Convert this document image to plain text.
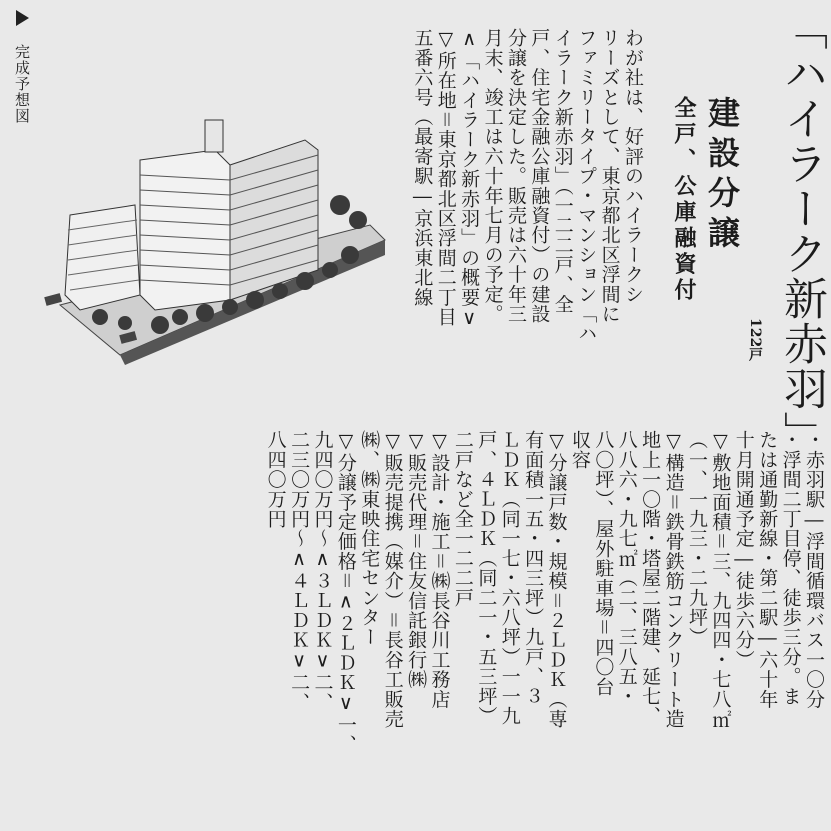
完成予想図	「ハイラーク新赤羽」
122戸
建設分譲
全戸、公庫融資付
わが社は、好評のハイラークシ
リーズとして、東京都北区浮間に
ファミリータイプ・マンション「ハ
イラーク新赤羽」（一二二戸、全
戸、住宅金融公庫融資付）の建設
分譲を決定した。販売は六十年三
月末、竣工は六十年七月の予定。
∧「ハイラーク新赤羽」の概要∨
▽所在地＝東京都北区浮間二丁目
五番六号（最寄駅―京浜東北線
・赤羽駅―浮間循環バス一〇分
・浮間二丁目停、徒歩三分。ま
たは通勤新線・第二駅―六十年
十月開通予定―徒歩六分）
▽敷地面積＝三、九四四・七八㎡
（一、一九三・二九坪）
▽構造＝鉄骨鉄筋コンクリート造
地上一〇階・塔屋二階建、延七、
八八六・九七㎡（二、三八五・
八〇坪）、屋外駐車場＝四〇台
収容
▽分譲戸数・規模＝２ＬＤＫ（専
有面積一五・四三坪）九戸、３
ＬＤＫ（同一七・六八坪）一一九
戸、４ＬＤＫ（同二一・五三坪）
二戸など全一二二戸
▽設計・施工＝㈱長谷川工務店
▽販売代理＝住友信託銀行㈱
▽販売提携（媒介）＝長谷工販売
㈱、㈱東映住宅センター
▽分譲予定価格＝∧２ＬＤＫ∨一、
九四〇万円～∧３ＬＤＫ∨二、
二三〇万円～∧４ＬＤＫ∨二、
八四〇万円
